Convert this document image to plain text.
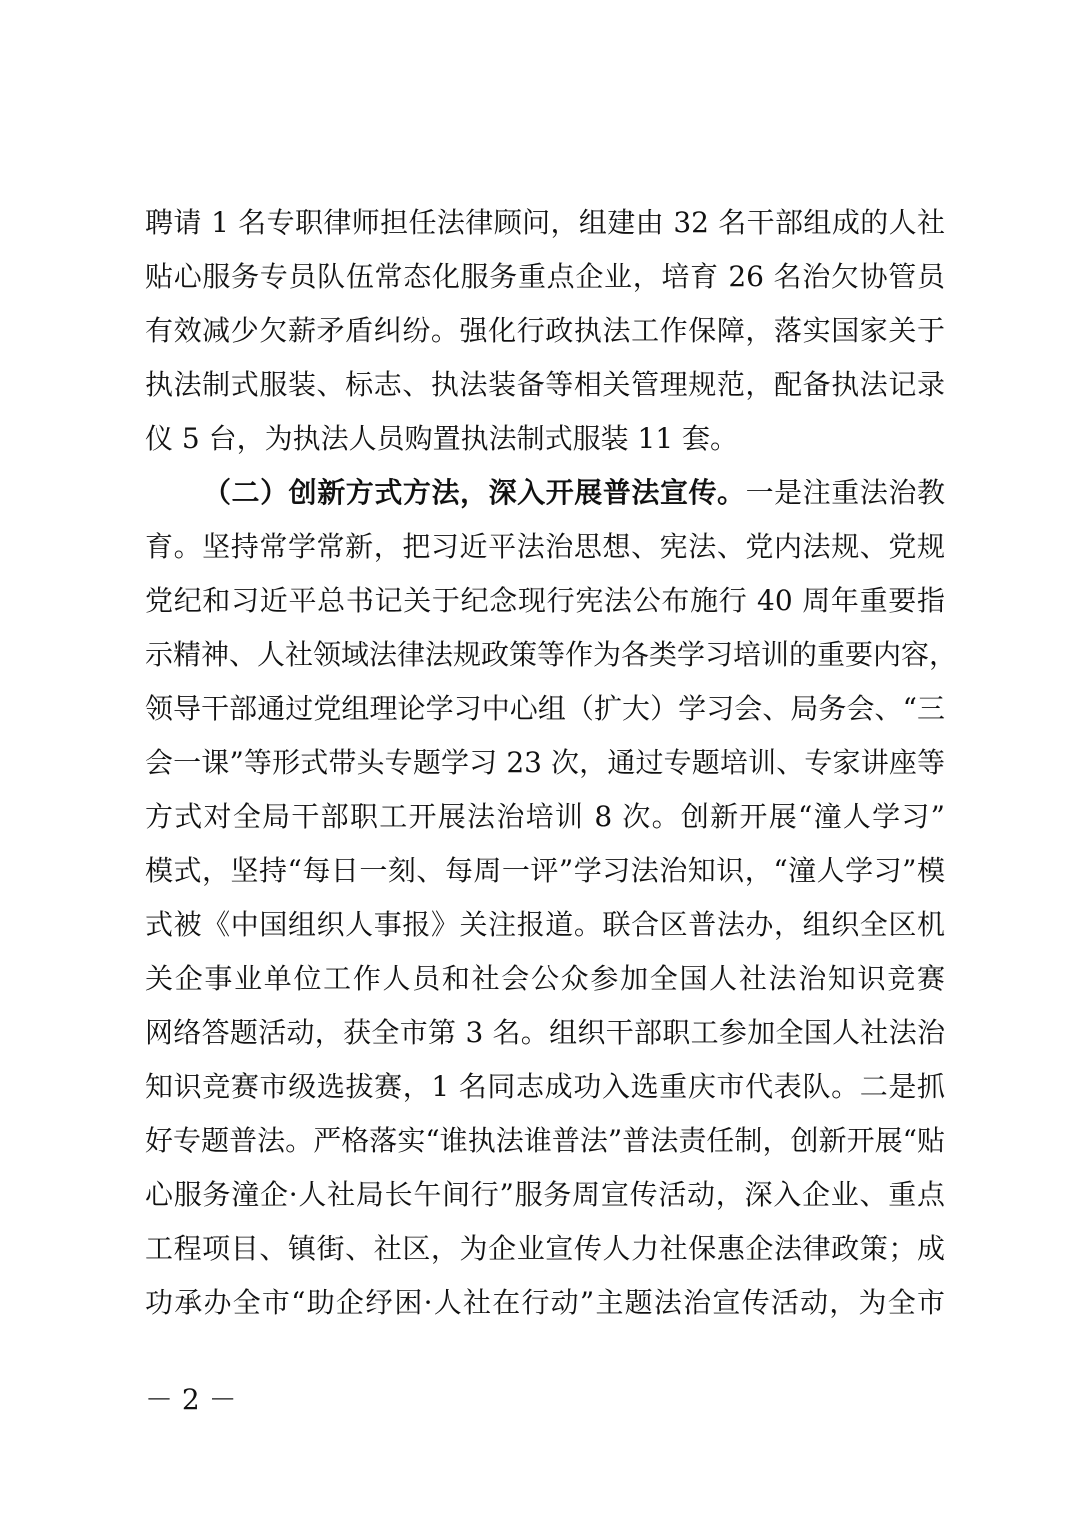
聘请 1 名专职律师担任法律顾问，组建由 32 名干部组成的人社
贴心服务专员队伍常态化服务重点企业，培育 26 名治欠协管员
有效减少欠薪矛盾纠纷。强化行政执法工作保障，落实国家关于
执法制式服装、标志、执法装备等相关管理规范，配备执法记录
仪 5 台，为执法人员购置执法制式服装 11 套。
（二）创新方式方法，深入开展普法宣传。一是注重法治教
育。坚持常学常新，把习近平法治思想、宪法、党内法规、党规
党纪和习近平总书记关于纪念现行宪法公布施行 40 周年重要指
示精神、人社领域法律法规政策等作为各类学习培训的重要内容，
领导干部通过党组理论学习中心组（扩大）学习会、局务会、“三
会一课”等形式带头专题学习 23 次，通过专题培训、专家讲座等
方式对全局干部职工开展法治培训 8 次。创新开展“潼人学习”
模式，坚持“每日一刻、每周一评”学习法治知识，“潼人学习”模
式被《中国组织人事报》关注报道。联合区普法办，组织全区机
关企事业单位工作人员和社会公众参加全国人社法治知识竞赛
网络答题活动，获全市第 3 名。组织干部职工参加全国人社法治
知识竞赛市级选拔赛，1 名同志成功入选重庆市代表队。二是抓
好专题普法。严格落实“谁执法谁普法”普法责任制，创新开展“贴
心服务潼企·人社局长午间行”服务周宣传活动，深入企业、重点
工程项目、镇街、社区，为企业宣传人力社保惠企法律政策；成
功承办全市“助企纾困·人社在行动”主题法治宣传活动，为全市
－ 2 －
